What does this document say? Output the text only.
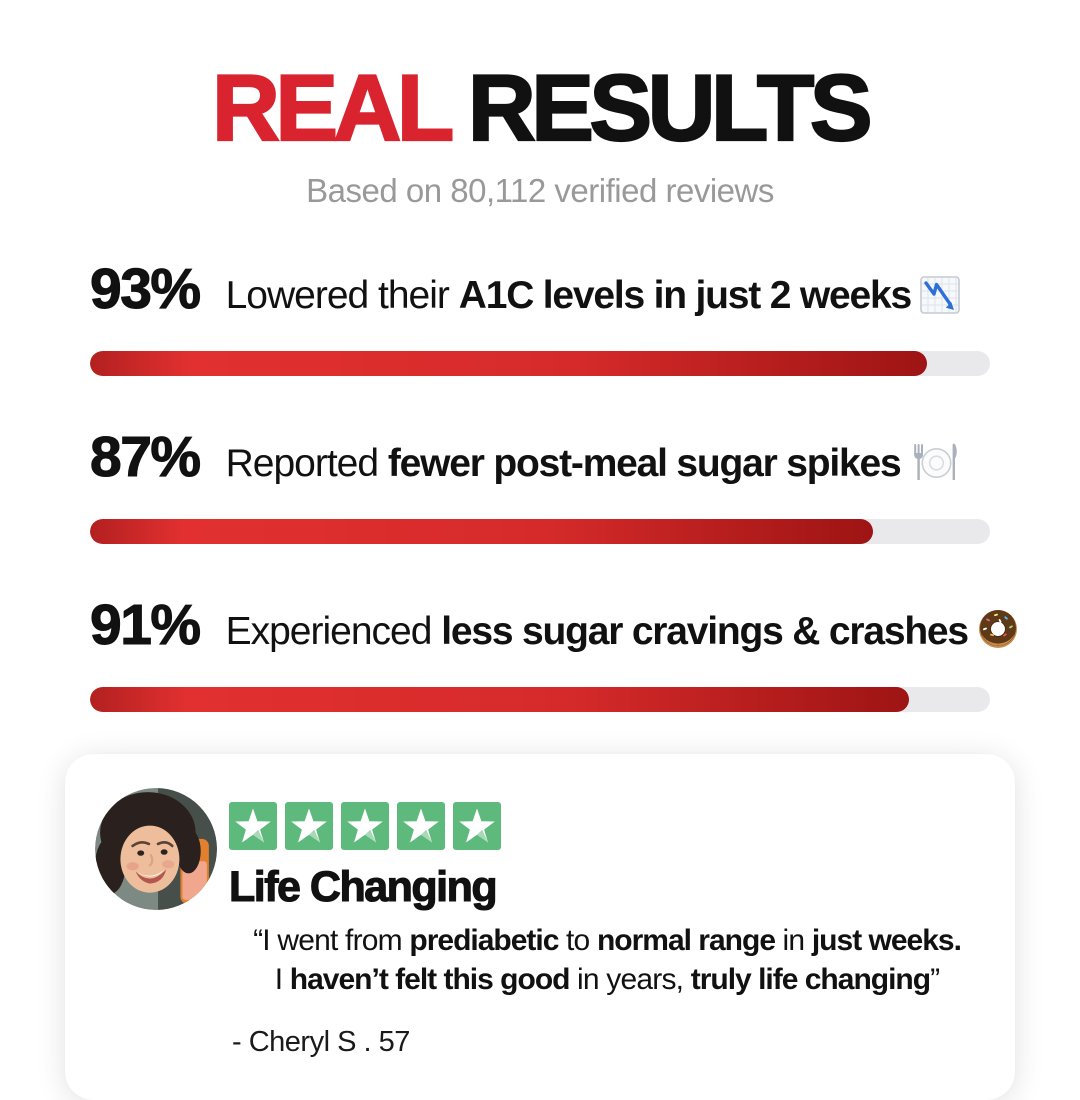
REAL RESULTS
Based on 80,112 verified reviews
93% Lowered their A1C levels in just 2 weeks
87% Reported fewer post-meal sugar spikes
91% Experienced less sugar cravings & crashes
Life Changing
“I went from prediabetic to normal range in just weeks.
I haven’t felt this good in years, truly life changing”
- Cheryl S . 57
